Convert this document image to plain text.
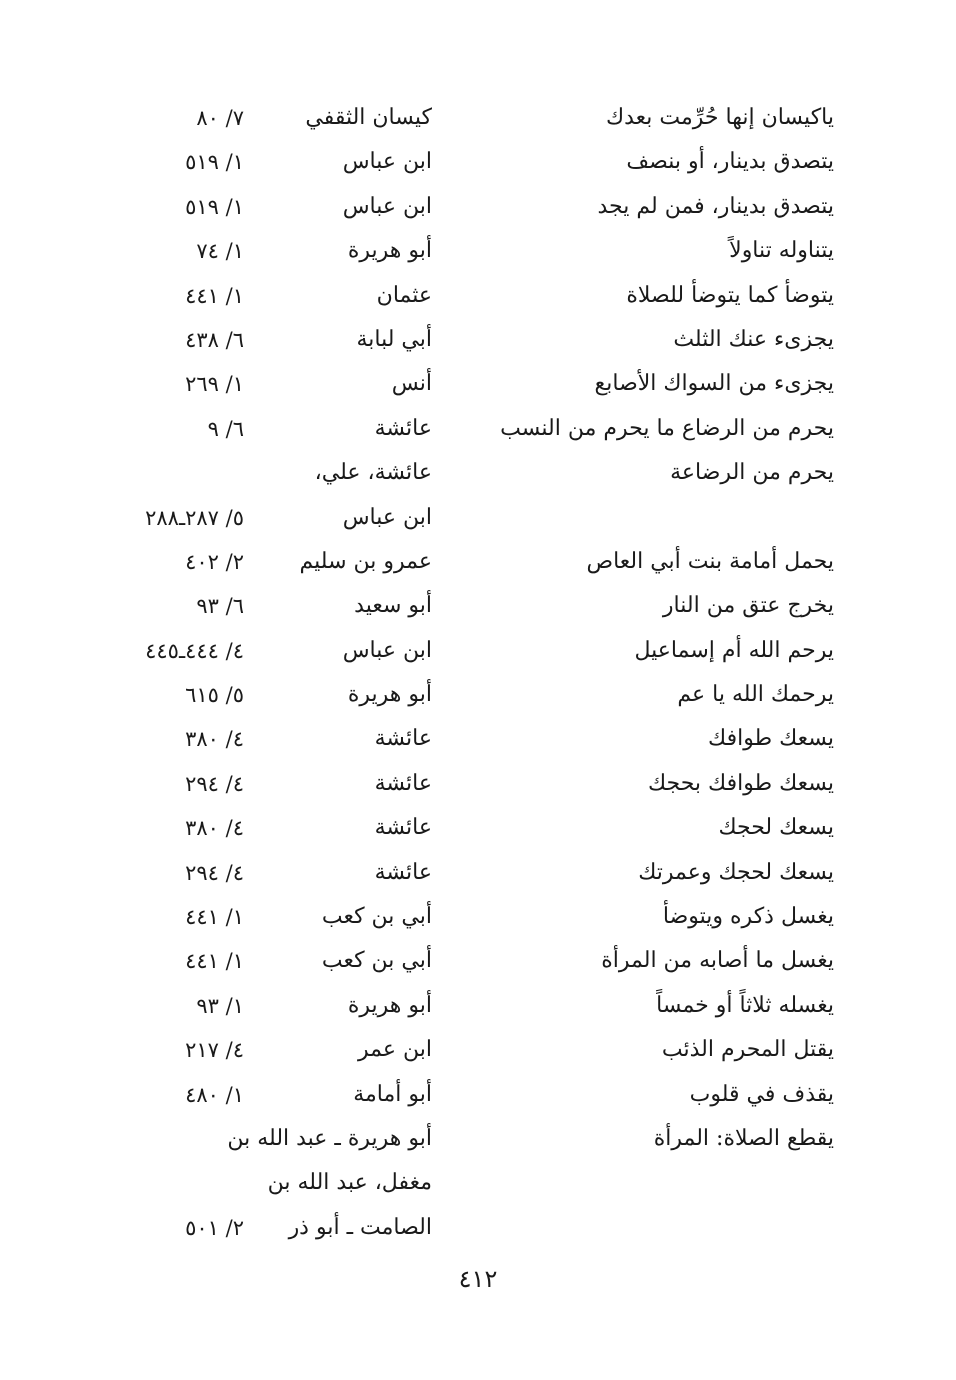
ياكيسان إنها حُرِّمت بعدك
كيسان الثقفي
٧/ ٨٠
يتصدق بدينار، أو بنصف
ابن عباس
١/ ٥١٩
يتصدق بدينار، فمن لم يجد
ابن عباس
١/ ٥١٩
يتناوله تناولاً
أبو هريرة
١/ ٧٤
يتوضأ كما يتوضأ للصلاة
عثمان
١/ ٤٤١
يجزىء عنك الثلث
أبي لبابة
٦/ ٤٣٨
يجزىء من السواك الأصابع
أنس
١/ ٢٦٩
يحرم من الرضاع ما يحرم من النسب
عائشة
٦/ ٩
يحرم من الرضاعة
عائشة، علي،
ابن عباس
٥/ ٢٨٧ـ٢٨٨
يحمل أمامة بنت أبي العاص
عمرو بن سليم
٢/ ٤٠٢
يخرج عتق من النار
أبو سعيد
٦/ ٩٣
يرحم الله أم إسماعيل
ابن عباس
٤/ ٤٤٤ـ٤٤٥
يرحمك الله يا عم
أبو هريرة
٥/ ٦١٥
يسعك طوافك
عائشة
٤/ ٣٨٠
يسعك طوافك بحجك
عائشة
٤/ ٢٩٤
يسعك لحجك
عائشة
٤/ ٣٨٠
يسعك لحجك وعمرتك
عائشة
٤/ ٢٩٤
يغسل ذكره ويتوضأ
أبي بن كعب
١/ ٤٤١
يغسل ما أصابه من المرأة
أبي بن كعب
١/ ٤٤١
يغسله ثلاثاً أو خمساً
أبو هريرة
١/ ٩٣
يقتل المحرم الذئب
ابن عمر
٤/ ٢١٧
يقذف في قلوب
أبو أمامة
١/ ٤٨٠
يقطع الصلاة: المرأة
أبو هريرة ـ عبد الله بن
مغفل، عبد الله بن
الصامت ـ أبو ذر
٢/ ٥٠١
٤١٢
